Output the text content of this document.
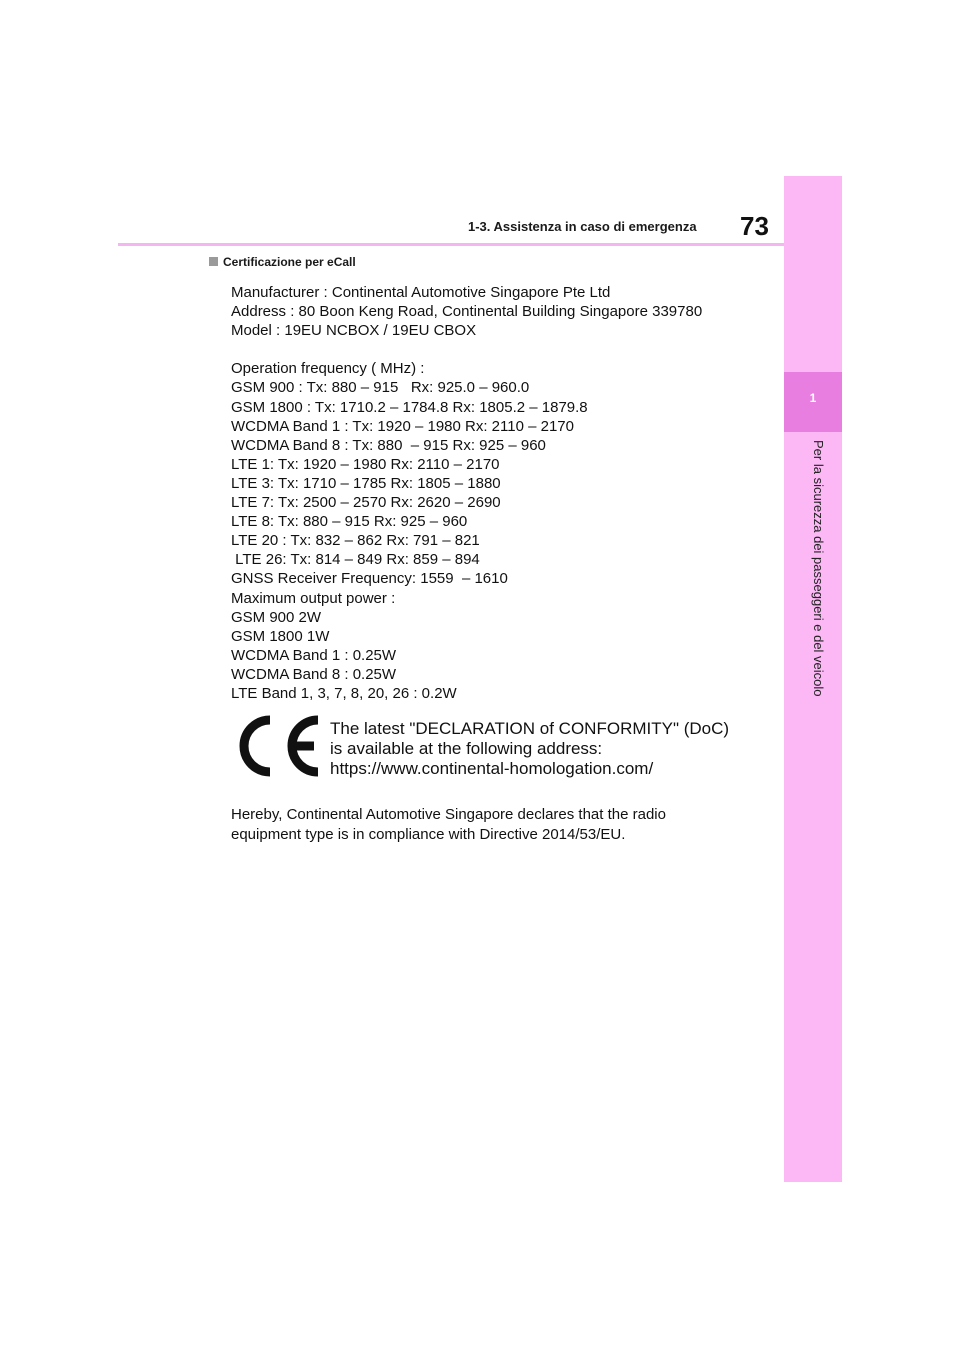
1
Per la sicurezza dei passeggeri e del veicolo
1-3. Assistenza in caso di emergenza 73
Certificazione per eCall
Manufacturer : Continental Automotive Singapore Pte Ltd
Address : 80 Boon Keng Road, Continental Building Singapore 339780
Model : 19EU NCBOX / 19EU CBOX
Operation frequency ( MHz) :
GSM 900 : Tx: 880 – 915   Rx: 925.0 – 960.0
GSM 1800 : Tx: 1710.2 – 1784.8 Rx: 1805.2 – 1879.8
WCDMA Band 1 : Tx: 1920 – 1980 Rx: 2110 – 2170
WCDMA Band 8 : Tx: 880  – 915 Rx: 925 – 960
LTE 1: Tx: 1920 – 1980 Rx: 2110 – 2170
LTE 3: Tx: 1710 – 1785 Rx: 1805 – 1880
LTE 7: Tx: 2500 – 2570 Rx: 2620 – 2690
LTE 8: Tx: 880 – 915 Rx: 925 – 960
LTE 20 : Tx: 832 – 862 Rx: 791 – 821
LTE 26: Tx: 814 – 849 Rx: 859 – 894
GNSS Receiver Frequency: 1559  – 1610
Maximum output power :
GSM 900 2W
GSM 1800 1W
WCDMA Band 1 : 0.25W
WCDMA Band 8 : 0.25W
LTE Band 1, 3, 7, 8, 20, 26 : 0.2W
The latest "DECLARATION of CONFORMITY" (DoC)
is available at the following address:
https://www.continental-homologation.com/
Hereby, Continental Automotive Singapore declares that the radio
equipment type is in compliance with Directive 2014/53/EU.
